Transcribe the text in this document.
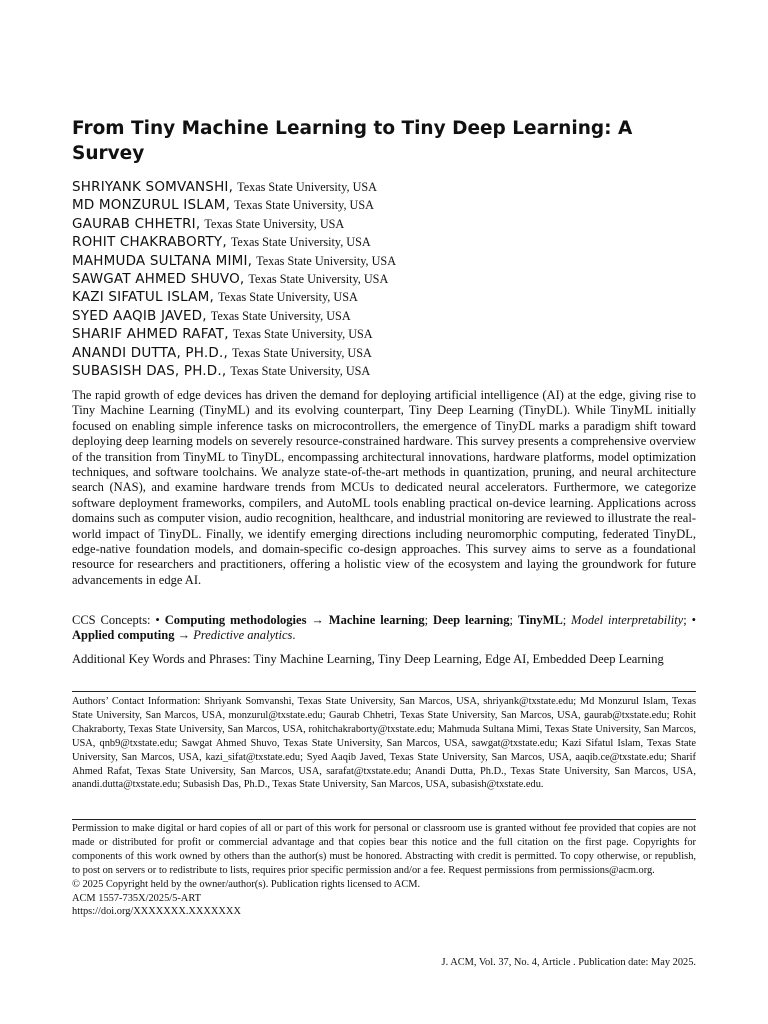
From Tiny Machine Learning to Tiny Deep Learning: A Survey
SHRIYANK SOMVANSHI, Texas State University, USA
MD MONZURUL ISLAM, Texas State University, USA
GAURAB CHHETRI, Texas State University, USA
ROHIT CHAKRABORTY, Texas State University, USA
MAHMUDA SULTANA MIMI, Texas State University, USA
SAWGAT AHMED SHUVO, Texas State University, USA
KAZI SIFATUL ISLAM, Texas State University, USA
SYED AAQIB JAVED, Texas State University, USA
SHARIF AHMED RAFAT, Texas State University, USA
ANANDI DUTTA, PH.D., Texas State University, USA
SUBASISH DAS, PH.D., Texas State University, USA
The rapid growth of edge devices has driven the demand for deploying artificial intelligence (AI) at the edge, giving rise to Tiny Machine Learning (TinyML) and its evolving counterpart, Tiny Deep Learning (TinyDL). While TinyML initially focused on enabling simple inference tasks on microcontrollers, the emergence of TinyDL marks a paradigm shift toward deploying deep learning models on severely resource-constrained hardware. This survey presents a comprehensive overview of the transition from TinyML to TinyDL, encompassing architectural innovations, hardware platforms, model optimization techniques, and software toolchains. We analyze state-of-the-art methods in quantization, pruning, and neural architecture search (NAS), and examine hardware trends from MCUs to dedicated neural accelerators. Furthermore, we categorize software deployment frameworks, compilers, and AutoML tools enabling practical on-device learning. Applications across domains such as computer vision, audio recognition, healthcare, and industrial monitoring are reviewed to illustrate the real-world impact of TinyDL. Finally, we identify emerging directions including neuromorphic computing, federated TinyDL, edge-native foundation models, and domain-specific co-design approaches. This survey aims to serve as a foundational resource for researchers and practitioners, offering a holistic view of the ecosystem and laying the groundwork for future advancements in edge AI.
CCS Concepts: • Computing methodologies → Machine learning; Deep learning; TinyML; Model interpretability; • Applied computing → Predictive analytics.
Additional Key Words and Phrases: Tiny Machine Learning, Tiny Deep Learning, Edge AI, Embedded Deep Learning
Authors’ Contact Information: Shriyank Somvanshi, Texas State University, San Marcos, USA, shriyank@txstate.edu; Md Monzurul Islam, Texas State University, San Marcos, USA, monzurul@txstate.edu; Gaurab Chhetri, Texas State University, San Marcos, USA, gaurab@txstate.edu; Rohit Chakraborty, Texas State University, San Marcos, USA, rohitchakraborty@txstate.edu; Mahmuda Sultana Mimi, Texas State University, San Marcos, USA, qnb9@txstate.edu; Sawgat Ahmed Shuvo, Texas State University, San Marcos, USA, sawgat@txstate.edu; Kazi Sifatul Islam, Texas State University, San Marcos, USA, kazi_sifat@txstate.edu; Syed Aaqib Javed, Texas State University, San Marcos, USA, aaqib.ce@txstate.edu; Sharif Ahmed Rafat, Texas State University, San Marcos, USA, sarafat@txstate.edu; Anandi Dutta, Ph.D., Texas State University, San Marcos, USA, anandi.dutta@txstate.edu; Subasish Das, Ph.D., Texas State University, San Marcos, USA, subasish@txstate.edu.
Permission to make digital or hard copies of all or part of this work for personal or classroom use is granted without fee provided that copies are not made or distributed for profit or commercial advantage and that copies bear this notice and the full citation on the first page. Copyrights for components of this work owned by others than the author(s) must be honored. Abstracting with credit is permitted. To copy otherwise, or republish, to post on servers or to redistribute to lists, requires prior specific permission and/or a fee. Request permissions from permissions@acm.org.
© 2025 Copyright held by the owner/author(s). Publication rights licensed to ACM.
ACM 1557-735X/2025/5-ART
https://doi.org/XXXXXXX.XXXXXXX
J. ACM, Vol. 37, No. 4, Article . Publication date: May 2025.
